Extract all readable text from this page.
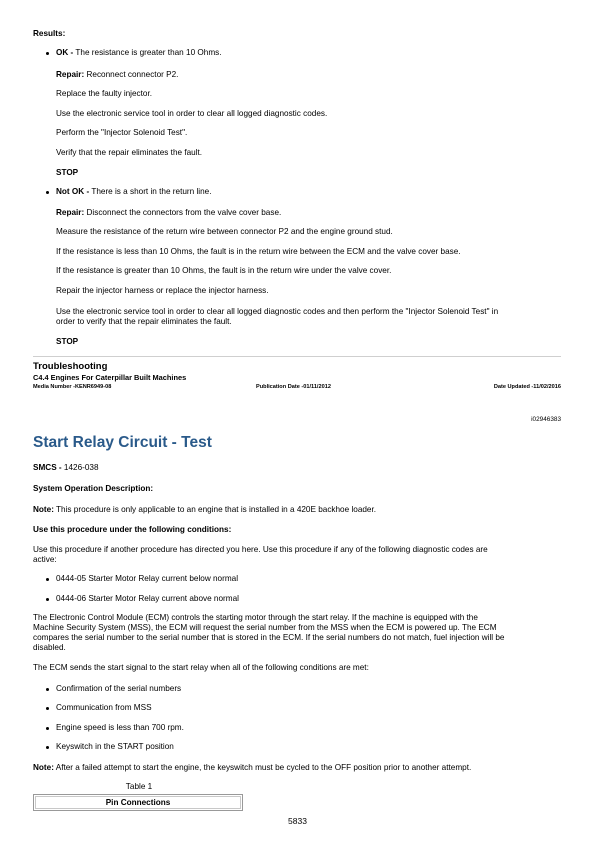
Results:
OK - The resistance is greater than 10 Ohms.
Repair: Reconnect connector P2.
Replace the faulty injector.
Use the electronic service tool in order to clear all logged diagnostic codes.
Perform the "Injector Solenoid Test".
Verify that the repair eliminates the fault.
STOP
Not OK - There is a short in the return line.
Repair: Disconnect the connectors from the valve cover base.
Measure the resistance of the return wire between connector P2 and the engine ground stud.
If the resistance is less than 10 Ohms, the fault is in the return wire between the ECM and the valve cover base.
If the resistance is greater than 10 Ohms, the fault is in the return wire under the valve cover.
Repair the injector harness or replace the injector harness.
Use the electronic service tool in order to clear all logged diagnostic codes and then perform the "Injector Solenoid Test" in
order to verify that the repair eliminates the fault.
STOP
Troubleshooting
C4.4 Engines For Caterpillar Built Machines
Media Number -KENR6949-08	Publication Date -01/11/2012	Date Updated -11/02/2016
i02946383
Start Relay Circuit - Test
SMCS - 1426-038
System Operation Description:
Note: This procedure is only applicable to an engine that is installed in a 420E backhoe loader.
Use this procedure under the following conditions:
Use this procedure if another procedure has directed you here. Use this procedure if any of the following diagnostic codes are
active:
0444-05 Starter Motor Relay current below normal
0444-06 Starter Motor Relay current above normal
The Electronic Control Module (ECM) controls the starting motor through the start relay. If the machine is equipped with the
Machine Security System (MSS), the ECM will request the serial number from the MSS when the ECM is powered up. The ECM
compares the serial number to the serial number that is stored in the ECM. If the serial numbers do not match, fuel injection will be
disabled.
The ECM sends the start signal to the start relay when all of the following conditions are met:
Confirmation of the serial numbers
Communication from MSS
Engine speed is less than 700 rpm.
Keyswitch in the START position
Note: After a failed attempt to start the engine, the keyswitch must be cycled to the OFF position prior to another attempt.
Table 1
Pin Connections
5833
